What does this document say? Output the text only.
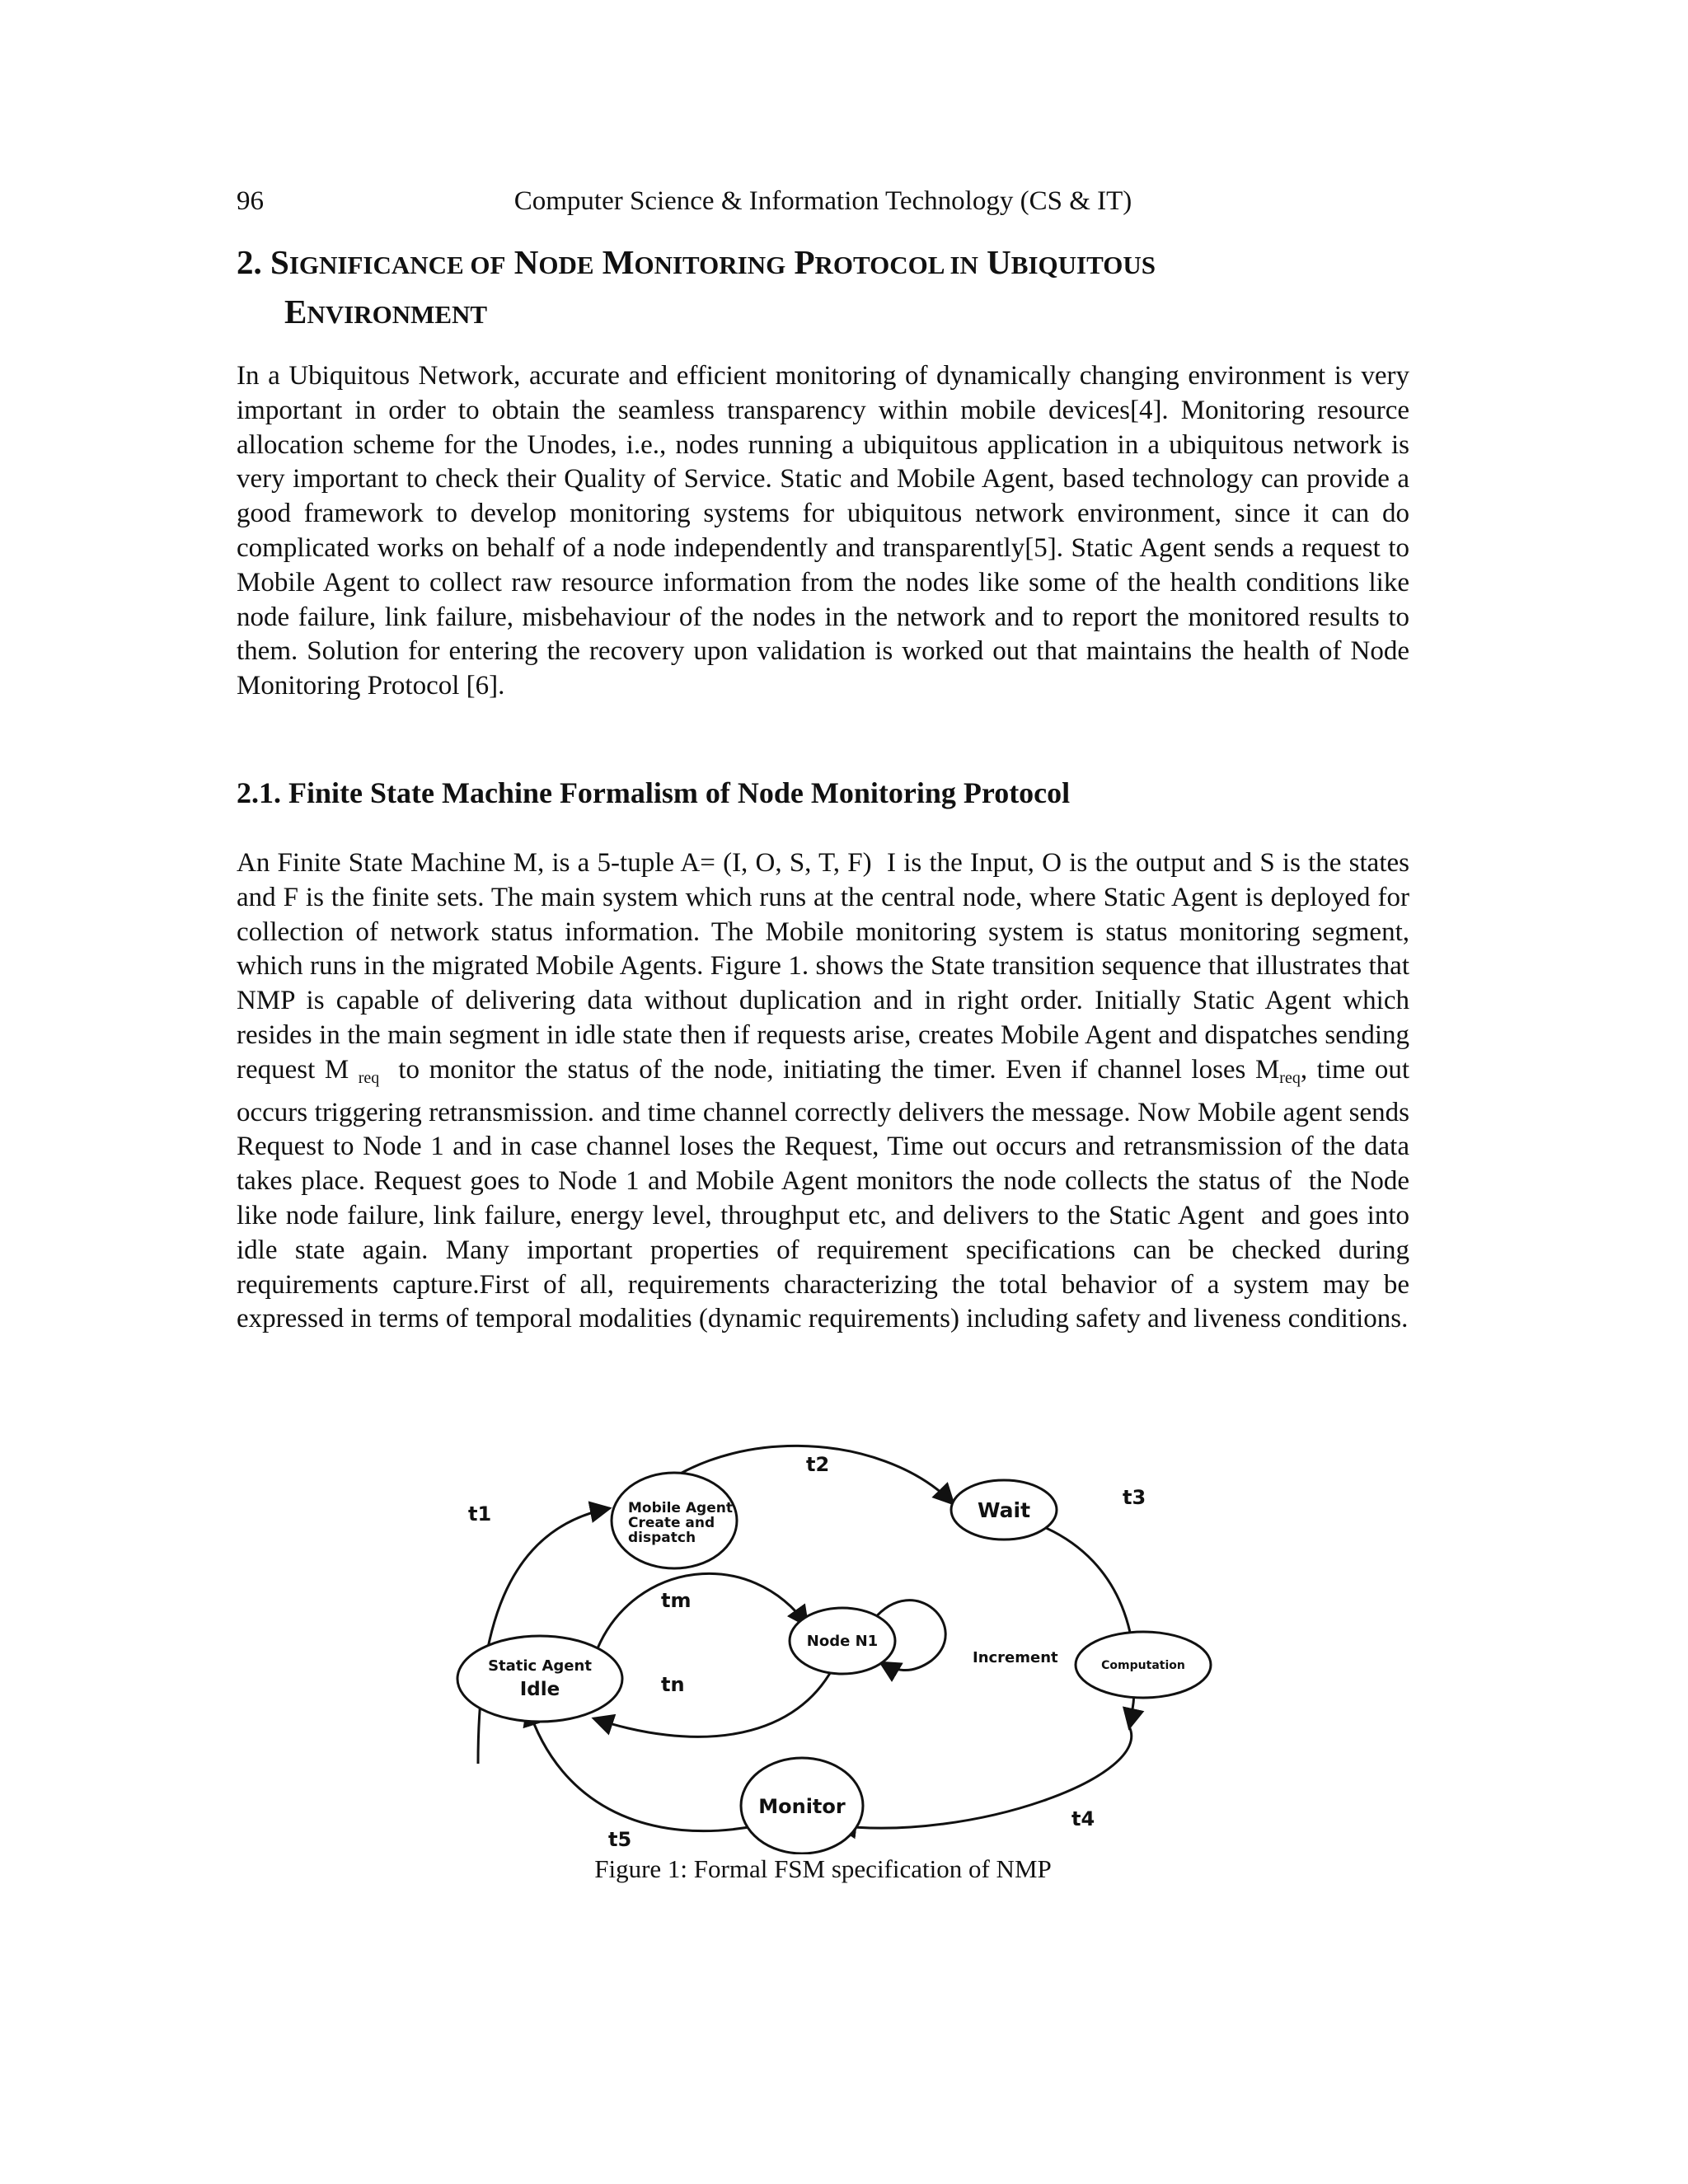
96	Computer Science & Information Technology (CS & IT)
2. SIGNIFICANCE OF NODE MONITORING PROTOCOL IN UBIQUITOUS
ENVIRONMENT

In a Ubiquitous Network, accurate and efficient monitoring of dynamically changing environment is very important in order to obtain the seamless transparency within mobile devices[4]. Monitoring resource allocation scheme for the Unodes, i.e., nodes running a ubiquitous application in a ubiquitous network is very important to check their Quality of Service. Static and Mobile Agent, based technology can provide a good framework to develop monitoring systems for ubiquitous network environment, since it can do complicated works on behalf of a node independently and transparently[5]. Static Agent sends a request to Mobile Agent to collect raw resource information from the nodes like some of the health conditions like node failure, link failure, misbehaviour of the nodes in the network and to report the monitored results to them. Solution for entering the recovery upon validation is worked out that maintains the health of Node Monitoring Protocol [6].

2.1. Finite State Machine Formalism of Node Monitoring Protocol

An Finite State Machine M, is a 5-tuple A= (I, O, S, T, F)  I is the Input, O is the output and S is the states and F is the finite sets. The main system which runs at the central node, where Static Agent is deployed for collection of network status information. The Mobile monitoring system is status monitoring segment, which runs in the migrated Mobile Agents. Figure 1. shows the State transition sequence that illustrates that NMP is capable of delivering data without duplication and in right order. Initially Static Agent which resides in the main segment in idle state then if requests arise, creates Mobile Agent and dispatches sending request M $_{req}$  to monitor the status of the node, initiating the timer. Even if channel loses $M_{req}$, time out occurs triggering retransmission. and time channel correctly delivers the message. Now Mobile agent sends Request to Node 1 and in case channel loses the Request, Time out occurs and retransmission of the data takes place. Request goes to Node 1 and Mobile Agent monitors the node collects the status of  the Node like node failure, link failure, energy level, throughput etc, and delivers to the Static Agent  and goes into idle state again. Many important properties of requirement specifications can be checked during requirements capture.First of all, requirements characterizing the total behavior of a system may be expressed in terms of temporal modalities (dynamic requirements) including safety and liveness conditions.

Mobile Agent
Create and
dispatch
Wait
Static Agent
Idle
Node N1
Computation
Monitor
t1
t2
t3
t4
t5
tm
tn
Increment

Figure 1: Formal FSM specification of NMP
